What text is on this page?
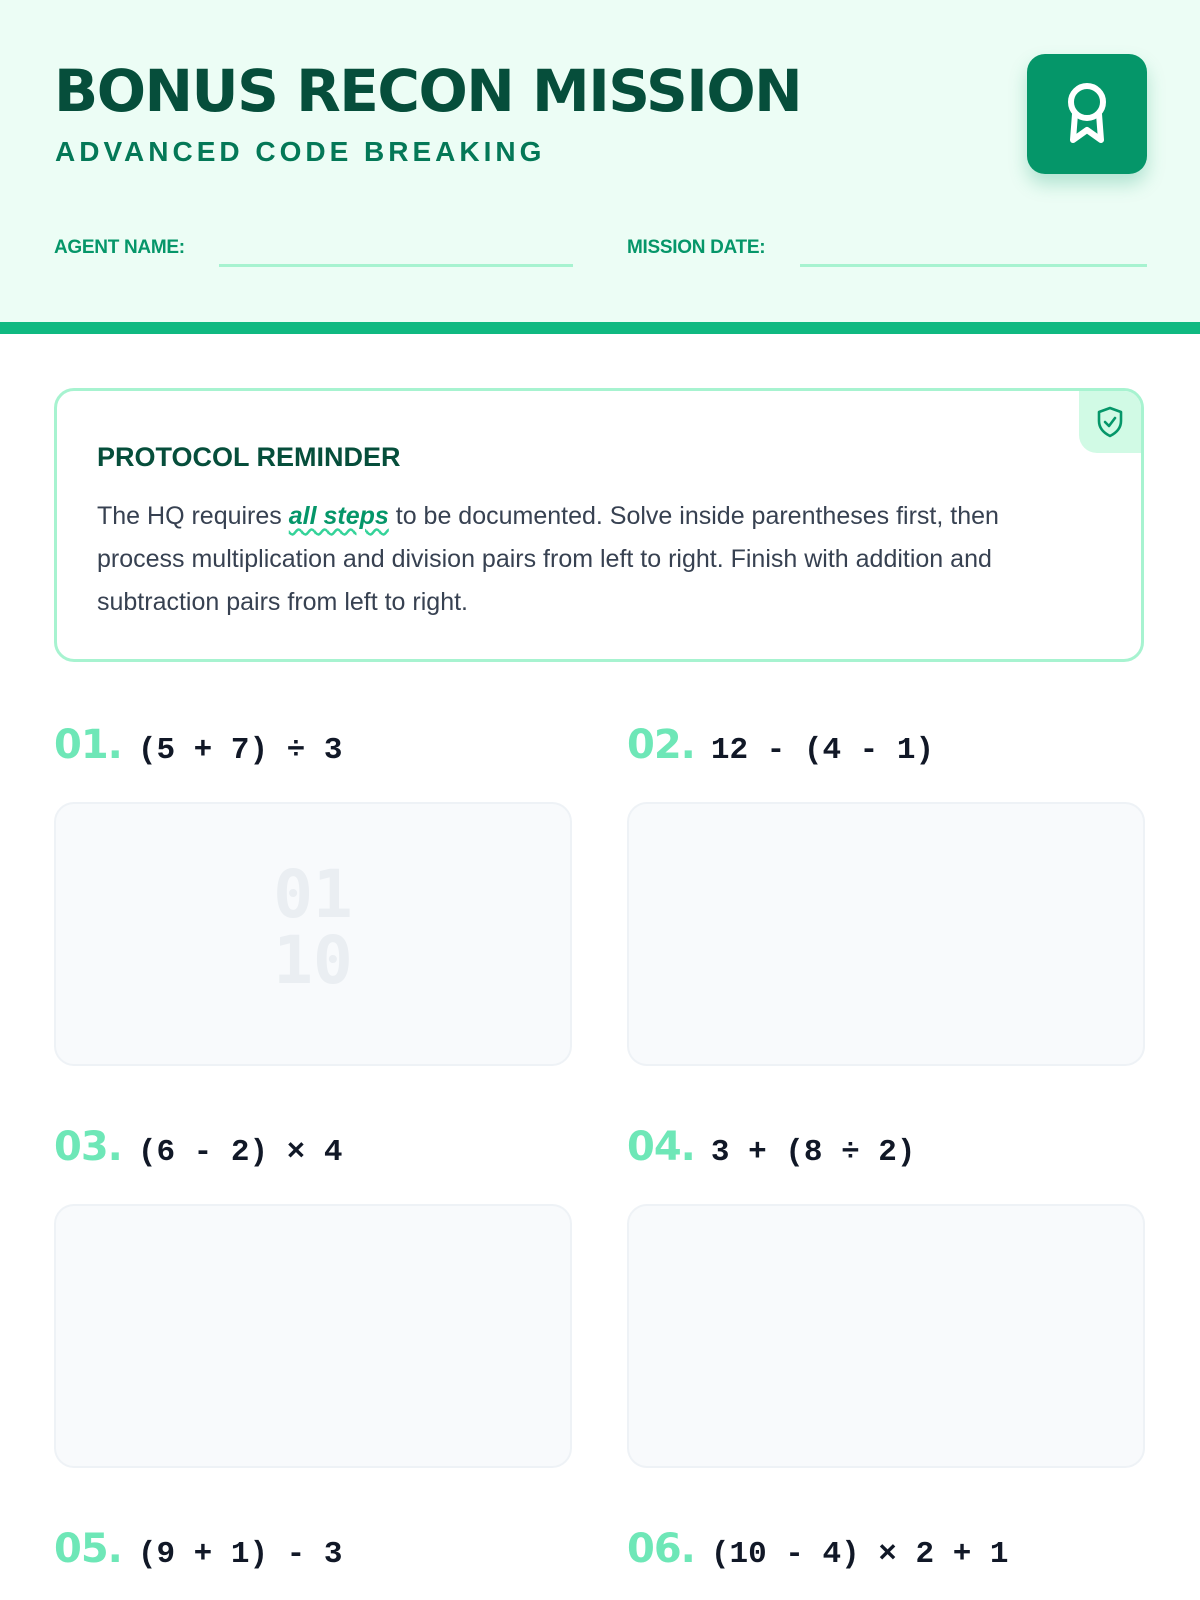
BONUS RECON MISSION
ADVANCED CODE BREAKING
AGENT NAME:	MISSION DATE:
PROTOCOL REMINDER
The HQ requires all steps to be documented. Solve inside parentheses first, then process multiplication and division pairs from left to right. Finish with addition and subtraction pairs from left to right.
01. (5 + 7) ÷ 3
01
10
02. 12 - (4 - 1)
03. (6 - 2) × 4	04. 3 + (8 ÷ 2)
05. (9 + 1) - 3	06. (10 - 4) × 2 + 1
